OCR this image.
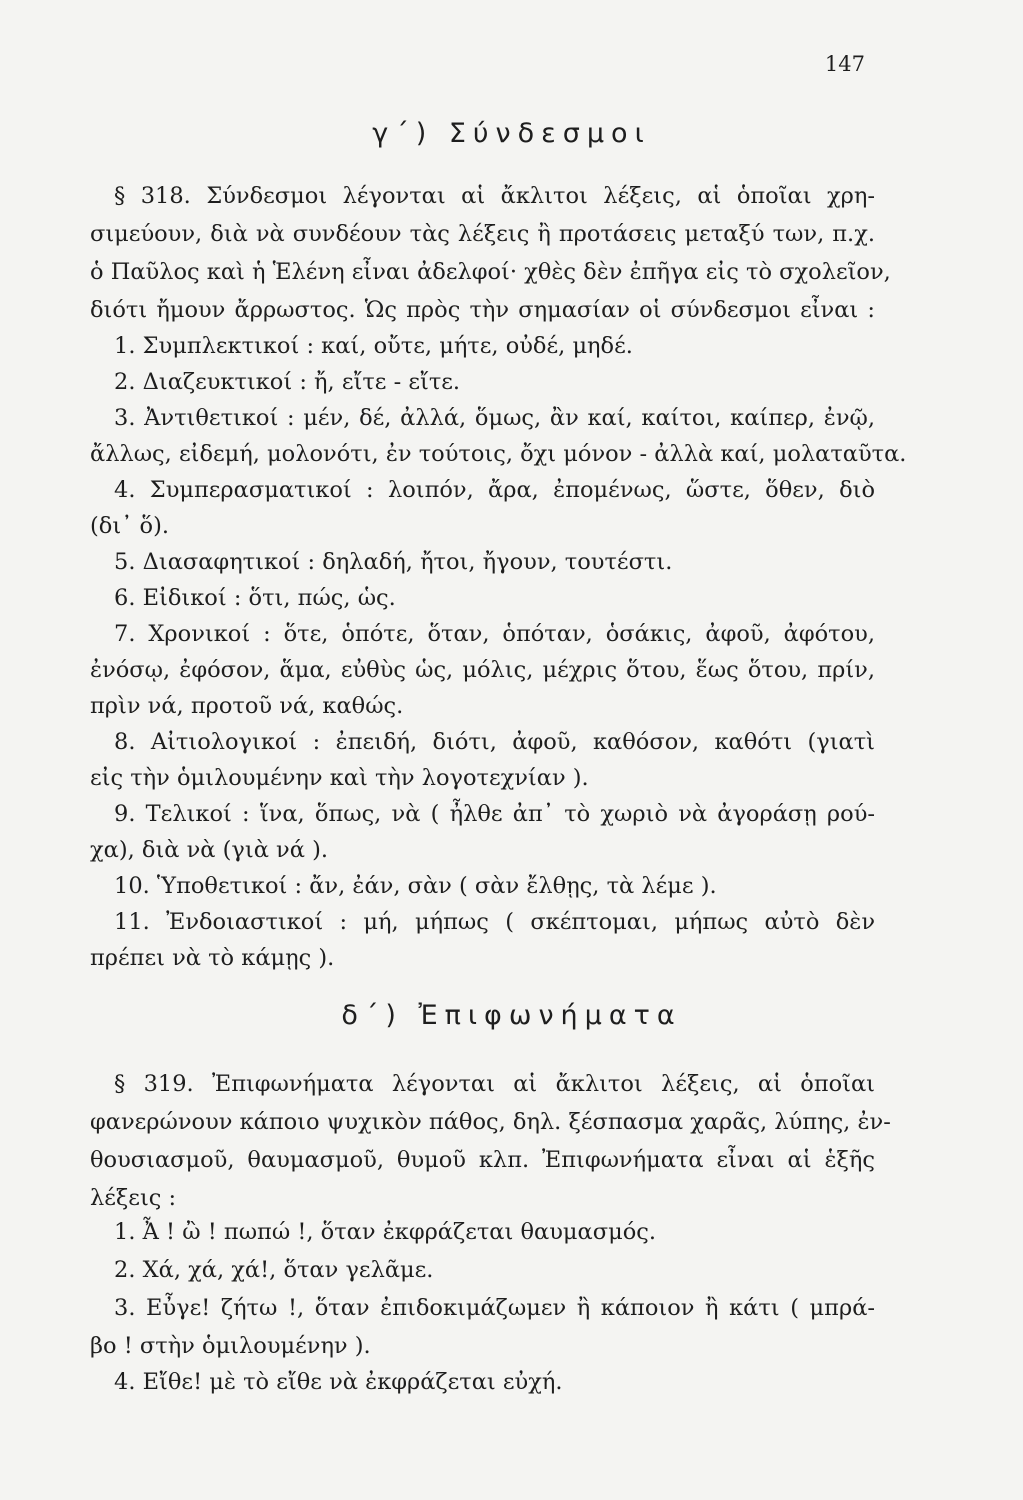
147
γ΄) Σύνδεσμοι
§ 318. Σύνδεσμοι λέγονται αἱ ἄκλιτοι λέξεις, αἱ ὁποῖαι χρη-
σιμεύουν, διὰ νὰ συνδέουν τὰς λέξεις ἢ προτάσεις μεταξύ των, π.χ.
ὁ Παῦλος καὶ ἡ Ἑλένη εἶναι ἀδελφοί· χθὲς δὲν ἐπῆγα εἰς τὸ σχολεῖον,
διότι ἤμουν ἄρρωστος. Ὡς πρὸς τὴν σημασίαν οἱ σύνδεσμοι εἶναι :
1. Συμπλεκτικοί : καί, οὔτε, μήτε, οὐδέ, μηδέ.
2. Διαζευκτικοί : ἤ, εἴτε - εἴτε.
3. Ἀντιθετικοί : μέν, δέ, ἀλλά, ὅμως, ἂν καί, καίτοι, καίπερ, ἐνῷ,
ἄλλως, εἰδεμή, μολονότι, ἐν τούτοις, ὄχι μόνον - ἀλλὰ καί, μολαταῦτα.
4. Συμπερασματικοί : λοιπόν, ἄρα, ἐπομένως, ὥστε, ὅθεν, διὸ
(δι᾽ ὅ).
5. Διασαφητικοί : δηλαδή, ἤτοι, ἤγουν, τουτέστι.
6. Εἰδικοί : ὅτι, πώς, ὡς.
7. Χρονικοί : ὅτε, ὁπότε, ὅταν, ὁπόταν, ὁσάκις, ἀφοῦ, ἀφότου,
ἐνόσῳ, ἐφόσον, ἅμα, εὐθὺς ὡς, μόλις, μέχρις ὅτου, ἕως ὅτου, πρίν,
πρὶν νά, προτοῦ νά, καθώς.
8. Αἰτιολογικοί : ἐπειδή, διότι, ἀφοῦ, καθόσον, καθότι (γιατὶ
εἰς τὴν ὁμιλουμένην καὶ τὴν λογοτεχνίαν ).
9. Τελικοί : ἵνα, ὅπως, νὰ ( ἦλθε ἀπ᾽ τὸ χωριὸ νὰ ἀγοράσῃ ρού-
χα), διὰ νὰ (γιὰ νά ).
10. Ὑποθετικοί : ἄν, ἐάν, σὰν ( σὰν ἔλθῃς, τὰ λέμε ).
11. Ἐνδοιαστικοί : μή, μήπως ( σκέπτομαι, μήπως αὐτὸ δὲν
πρέπει νὰ τὸ κάμῃς ).
δ΄) Ἐπιφωνήματα
§ 319. Ἐπιφωνήματα λέγονται αἱ ἄκλιτοι λέξεις, αἱ ὁποῖαι
φανερώνουν κάποιο ψυχικὸν πάθος, δηλ. ξέσπασμα χαρᾶς, λύπης, ἐν-
θουσιασμοῦ, θαυμασμοῦ, θυμοῦ κλπ. Ἐπιφωνήματα εἶναι αἱ ἑξῆς
λέξεις :
1. Ἆ ! ὢ ! πωπώ !, ὅταν ἐκφράζεται θαυμασμός.
2. Χά, χά, χά!, ὅταν γελᾶμε.
3. Εὖγε! ζήτω !, ὅταν ἐπιδοκιμάζωμεν ἢ κάποιον ἢ κάτι ( μπρά-
βο ! στὴν ὁμιλουμένην ).
4. Εἴθε! μὲ τὸ εἴθε νὰ ἐκφράζεται εὐχή.
